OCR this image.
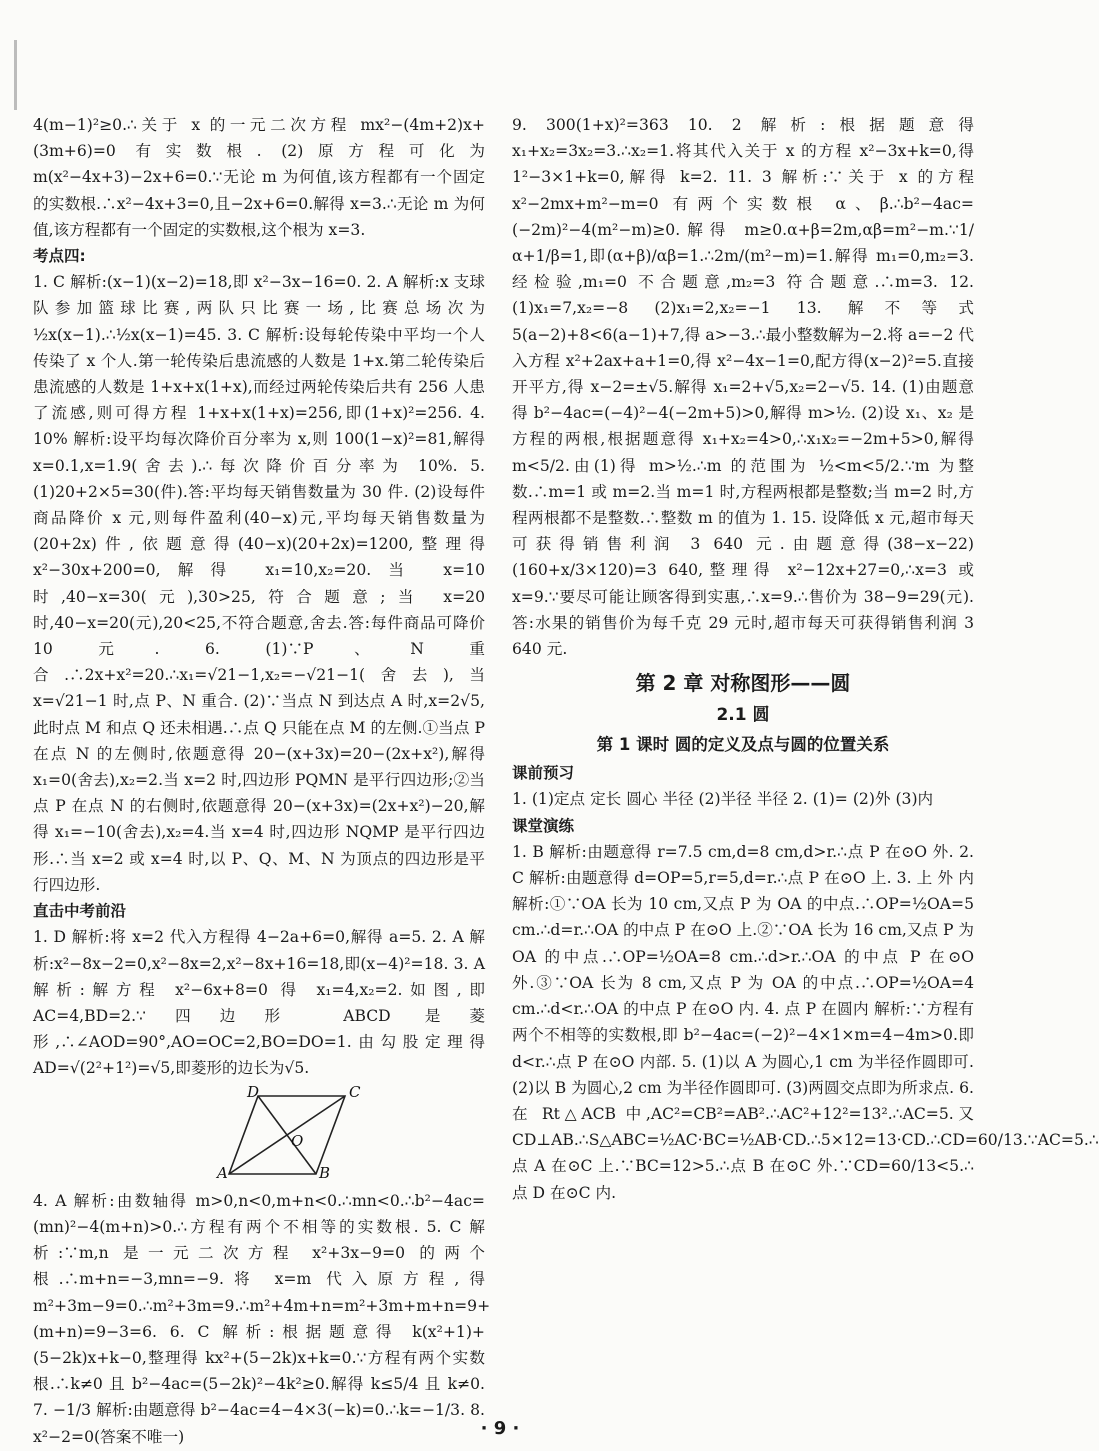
4(m−1)²≥0.∴关于 x 的一元二次方程 mx²−(4m+2)x+(3m+6)=0 有实数根. (2)原方程可化为 m(x²−4x+3)−2x+6=0.∵无论 m 为何值,该方程都有一个固定的实数根.∴x²−4x+3=0,且−2x+6=0.解得 x=3.∴无论 m 为何值,该方程都有一个固定的实数根,这个根为 x=3.

考点四:

1. C 解析:(x−1)(x−2)=18,即 x²−3x−16=0. 2. A 解析:x 支球队参加篮球比赛,两队只比赛一场,比赛总场次为 ½x(x−1).∴½x(x−1)=45. 3. C 解析:设每轮传染中平均一个人传染了 x 个人.第一轮传染后患流感的人数是 1+x.第二轮传染后患流感的人数是 1+x+x(1+x),而经过两轮传染后共有 256 人患了流感,则可得方程 1+x+x(1+x)=256,即(1+x)²=256. 4. 10% 解析:设平均每次降价百分率为 x,则 100(1−x)²=81,解得 x=0.1,x=1.9(舍去).∴每次降价百分率为 10%. 5. (1)20+2×5=30(件).答:平均每天销售数量为 30 件. (2)设每件商品降价 x 元,则每件盈利(40−x)元,平均每天销售数量为(20+2x)件,依题意得(40−x)(20+2x)=1200,整理得 x²−30x+200=0,解得 x₁=10,x₂=20.当 x=10 时,40−x=30(元),30>25,符合题意;当 x=20 时,40−x=20(元),20<25,不符合题意,舍去.答:每件商品可降价 10 元. 6. (1)∵P、N 重合.∴2x+x²=20.∴x₁=√21−1,x₂=−√21−1(舍去),当 x=√21−1 时,点 P、N 重合. (2)∵当点 N 到达点 A 时,x=2√5,此时点 M 和点 Q 还未相遇.∴点 Q 只能在点 M 的左侧.①当点 P 在点 N 的左侧时,依题意得 20−(x+3x)=20−(2x+x²),解得 x₁=0(舍去),x₂=2.当 x=2 时,四边形 PQMN 是平行四边形;②当点 P 在点 N 的右侧时,依题意得 20−(x+3x)=(2x+x²)−20,解得 x₁=−10(舍去),x₂=4.当 x=4 时,四边形 NQMP 是平行四边形.∴当 x=2 或 x=4 时,以 P、Q、M、N 为顶点的四边形是平行四边形.

直击中考前沿

1. D 解析:将 x=2 代入方程得 4−2a+6=0,解得 a=5. 2. A 解析:x²−8x−2=0,x²−8x=2,x²−8x+16=18,即(x−4)²=18. 3. A 解析:解方程 x²−6x+8=0 得 x₁=4,x₂=2.如图,即 AC=4,BD=2.∵四边形 ABCD 是菱形,∴∠AOD=90°,AO=OC=2,BO=DO=1.由勾股定理得 AD=√(2²+1²)=√5,即菱形的边长为√5.

D	C
O
A	B

4. A 解析:由数轴得 m>0,n<0,m+n<0.∴mn<0.∴b²−4ac=(mn)²−4(m+n)>0.∴方程有两个不相等的实数根. 5. C 解析:∵m,n 是一元二次方程 x²+3x−9=0 的两个根.∴m+n=−3,mn=−9.将 x=m 代入原方程,得 m²+3m−9=0.∴m²+3m=9.∴m²+4m+n=m²+3m+m+n=9+(m+n)=9−3=6. 6. C 解析:根据题意得 k(x²+1)+(5−2k)x+k−0,整理得 kx²+(5−2k)x+k=0.∵方程有两个实数根.∴k≠0 且 b²−4ac=(5−2k)²−4k²≥0.解得 k≤5/4 且 k≠0. 7. −1/3 解析:由题意得 b²−4ac=4−4×3(−k)=0.∴k=−1/3. 8. x²−2=0(答案不唯一)

9. 300(1+x)²=363 10. 2 解析:根据题意得 x₁+x₂=3x₂=3.∴x₂=1.将其代入关于 x 的方程 x²−3x+k=0,得 1²−3×1+k=0,解得 k=2. 11. 3 解析:∵关于 x 的方程 x²−2mx+m²−m=0 有两个实数根 α、β.∴b²−4ac=(−2m)²−4(m²−m)≥0.解得 m≥0.α+β=2m,αβ=m²−m.∵1/α+1/β=1,即(α+β)/αβ=1.∴2m/(m²−m)=1.解得 m₁=0,m₂=3.经检验,m₁=0 不合题意,m₂=3 符合题意.∴m=3. 12. (1)x₁=7,x₂=−8 (2)x₁=2,x₂=−1 13. 解不等式 5(a−2)+8<6(a−1)+7,得 a>−3.∴最小整数解为−2.将 a=−2 代入方程 x²+2ax+a+1=0,得 x²−4x−1=0,配方得(x−2)²=5.直接开平方,得 x−2=±√5.解得 x₁=2+√5,x₂=2−√5. 14. (1)由题意得 b²−4ac=(−4)²−4(−2m+5)>0,解得 m>½. (2)设 x₁、x₂ 是方程的两根,根据题意得 x₁+x₂=4>0,∴x₁x₂=−2m+5>0,解得 m<5/2.由(1)得 m>½.∴m 的范围为 ½<m<5/2.∵m 为整数.∴m=1 或 m=2.当 m=1 时,方程两根都是整数;当 m=2 时,方程两根都不是整数.∴整数 m 的值为 1. 15. 设降低 x 元,超市每天可获得销售利润 3 640 元.由题意得(38−x−22)(160+x/3×120)=3 640,整理得 x²−12x+27=0,∴x=3 或 x=9.∵要尽可能让顾客得到实惠,∴x=9.∴售价为 38−9=29(元).答:水果的销售价为每千克 29 元时,超市每天可获得销售利润 3 640 元.

第 2 章 对称图形——圆

2.1 圆

第 1 课时 圆的定义及点与圆的位置关系

课前预习

1. (1)定点 定长 圆心 半径 (2)半径 半径 2. (1)= (2)外 (3)内

课堂演练

1. B 解析:由题意得 r=7.5 cm,d=8 cm,d>r.∴点 P 在⊙O 外. 2. C 解析:由题意得 d=OP=5,r=5,d=r.∴点 P 在⊙O 上. 3. 上 外 内 解析:①∵OA 长为 10 cm,又点 P 为 OA 的中点.∴OP=½OA=5 cm.∴d=r.∴OA 的中点 P 在⊙O 上.②∵OA 长为 16 cm,又点 P 为 OA 的中点.∴OP=½OA=8 cm.∴d>r.∴OA 的中点 P 在⊙O 外.③∵OA 长为 8 cm,又点 P 为 OA 的中点.∴OP=½OA=4 cm.∴d<r.∴OA 的中点 P 在⊙O 内. 4. 点 P 在圆内 解析:∵方程有两个不相等的实数根,即 b²−4ac=(−2)²−4×1×m=4−4m>0.即 d<r.∴点 P 在⊙O 内部. 5. (1)以 A 为圆心,1 cm 为半径作圆即可. (2)以 B 为圆心,2 cm 为半径作圆即可. (3)两圆交点即为所求点. 6. 在 Rt△ACB 中,AC²=CB²=AB².∴AC²+12²=13².∴AC=5.又 CD⊥AB.∴S△ABC=½AC·BC=½AB·CD.∴5×12=13·CD.∴CD=60/13.∵AC=5.∴点 A 在⊙C 上.∵BC=12>5.∴点 B 在⊙C 外.∵CD=60/13<5.∴点 D 在⊙C 内.

· 9 ·
